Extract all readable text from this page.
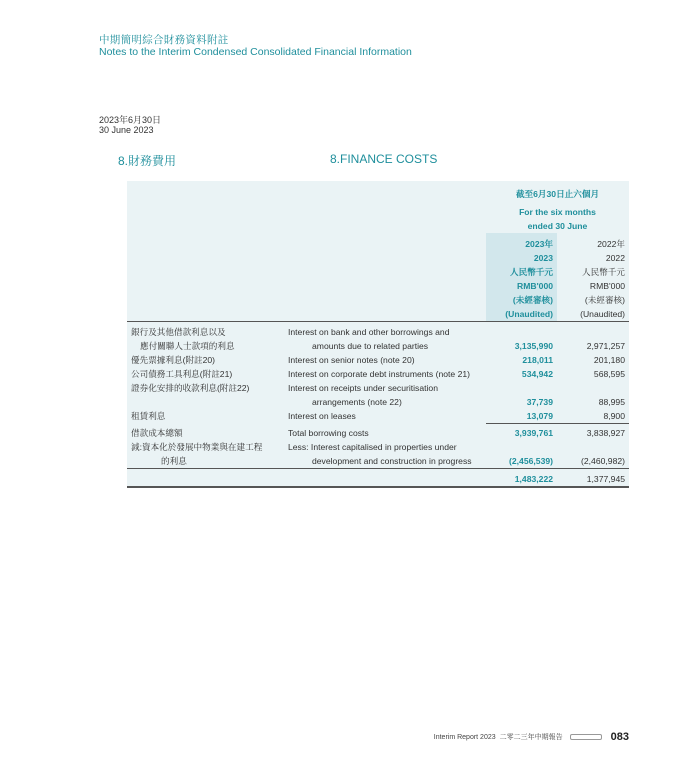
中期簡明綜合財務資料附註
Notes to the Interim Condensed Consolidated Financial Information
2023年6月30日
30 June 2023
8.財務費用	8.FINANCE COSTS

		截至6月30日止六個月	

		For the six months	
		ended 30 June	

		2023年	2022年
		2023	2022
		人民幣千元	人民幣千元
		RMB'000	RMB'000
		(未經審核)	(未經審核)
		(Unaudited)	(Unaudited)

銀行及其他借款利息以及	Interest on bank and other borrowings and		
應付關聯人士款項的利息	amounts due to related parties	3,135,990	2,971,257
優先票據利息(附註20)	Interest on senior notes (note 20)	218,011	201,180
公司債務工具利息(附註21)	Interest on corporate debt instruments (note 21)	534,942	568,595
證券化安排的收款利息(附註22)	Interest on receipts under securitisation		
	arrangements (note 22)	37,739	88,995
租賃利息	Interest on leases	13,079	8,900

借款成本總額	Total borrowing costs	3,939,761	3,838,927
減:資本化於發展中物業與在建工程	Less: Interest capitalised in properties under		
的利息	development and construction in progress	(2,456,539)	(2,460,982)

		1,483,222	1,377,945
Interim Report 2023 二零二三年中期報告	083
